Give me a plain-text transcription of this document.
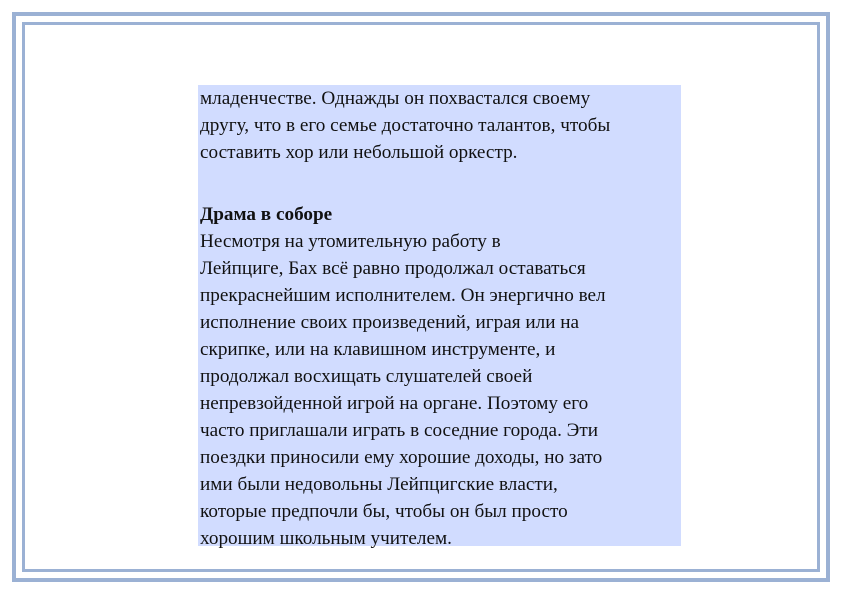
младенчестве. Однажды он похвастался своему
другу, что в его семье достаточно талантов, чтобы
составить хор или небольшой оркестр.

Драма в соборе

Несмотря на утомительную работу в
Лейпциге, Бах всё равно продолжал оставаться
прекраснейшим исполнителем. Он энергично вел
исполнение своих произведений, играя или на
скрипке, или на клавишном инструменте, и
продолжал восхищать слушателей своей
непревзойденной игрой на органе. Поэтому его
часто приглашали играть в соседние города. Эти
поездки приносили ему хорошие доходы, но зато
ими были недовольны Лейпцигские власти,
которые предпочли бы, чтобы он был просто
хорошим школьным учителем.
